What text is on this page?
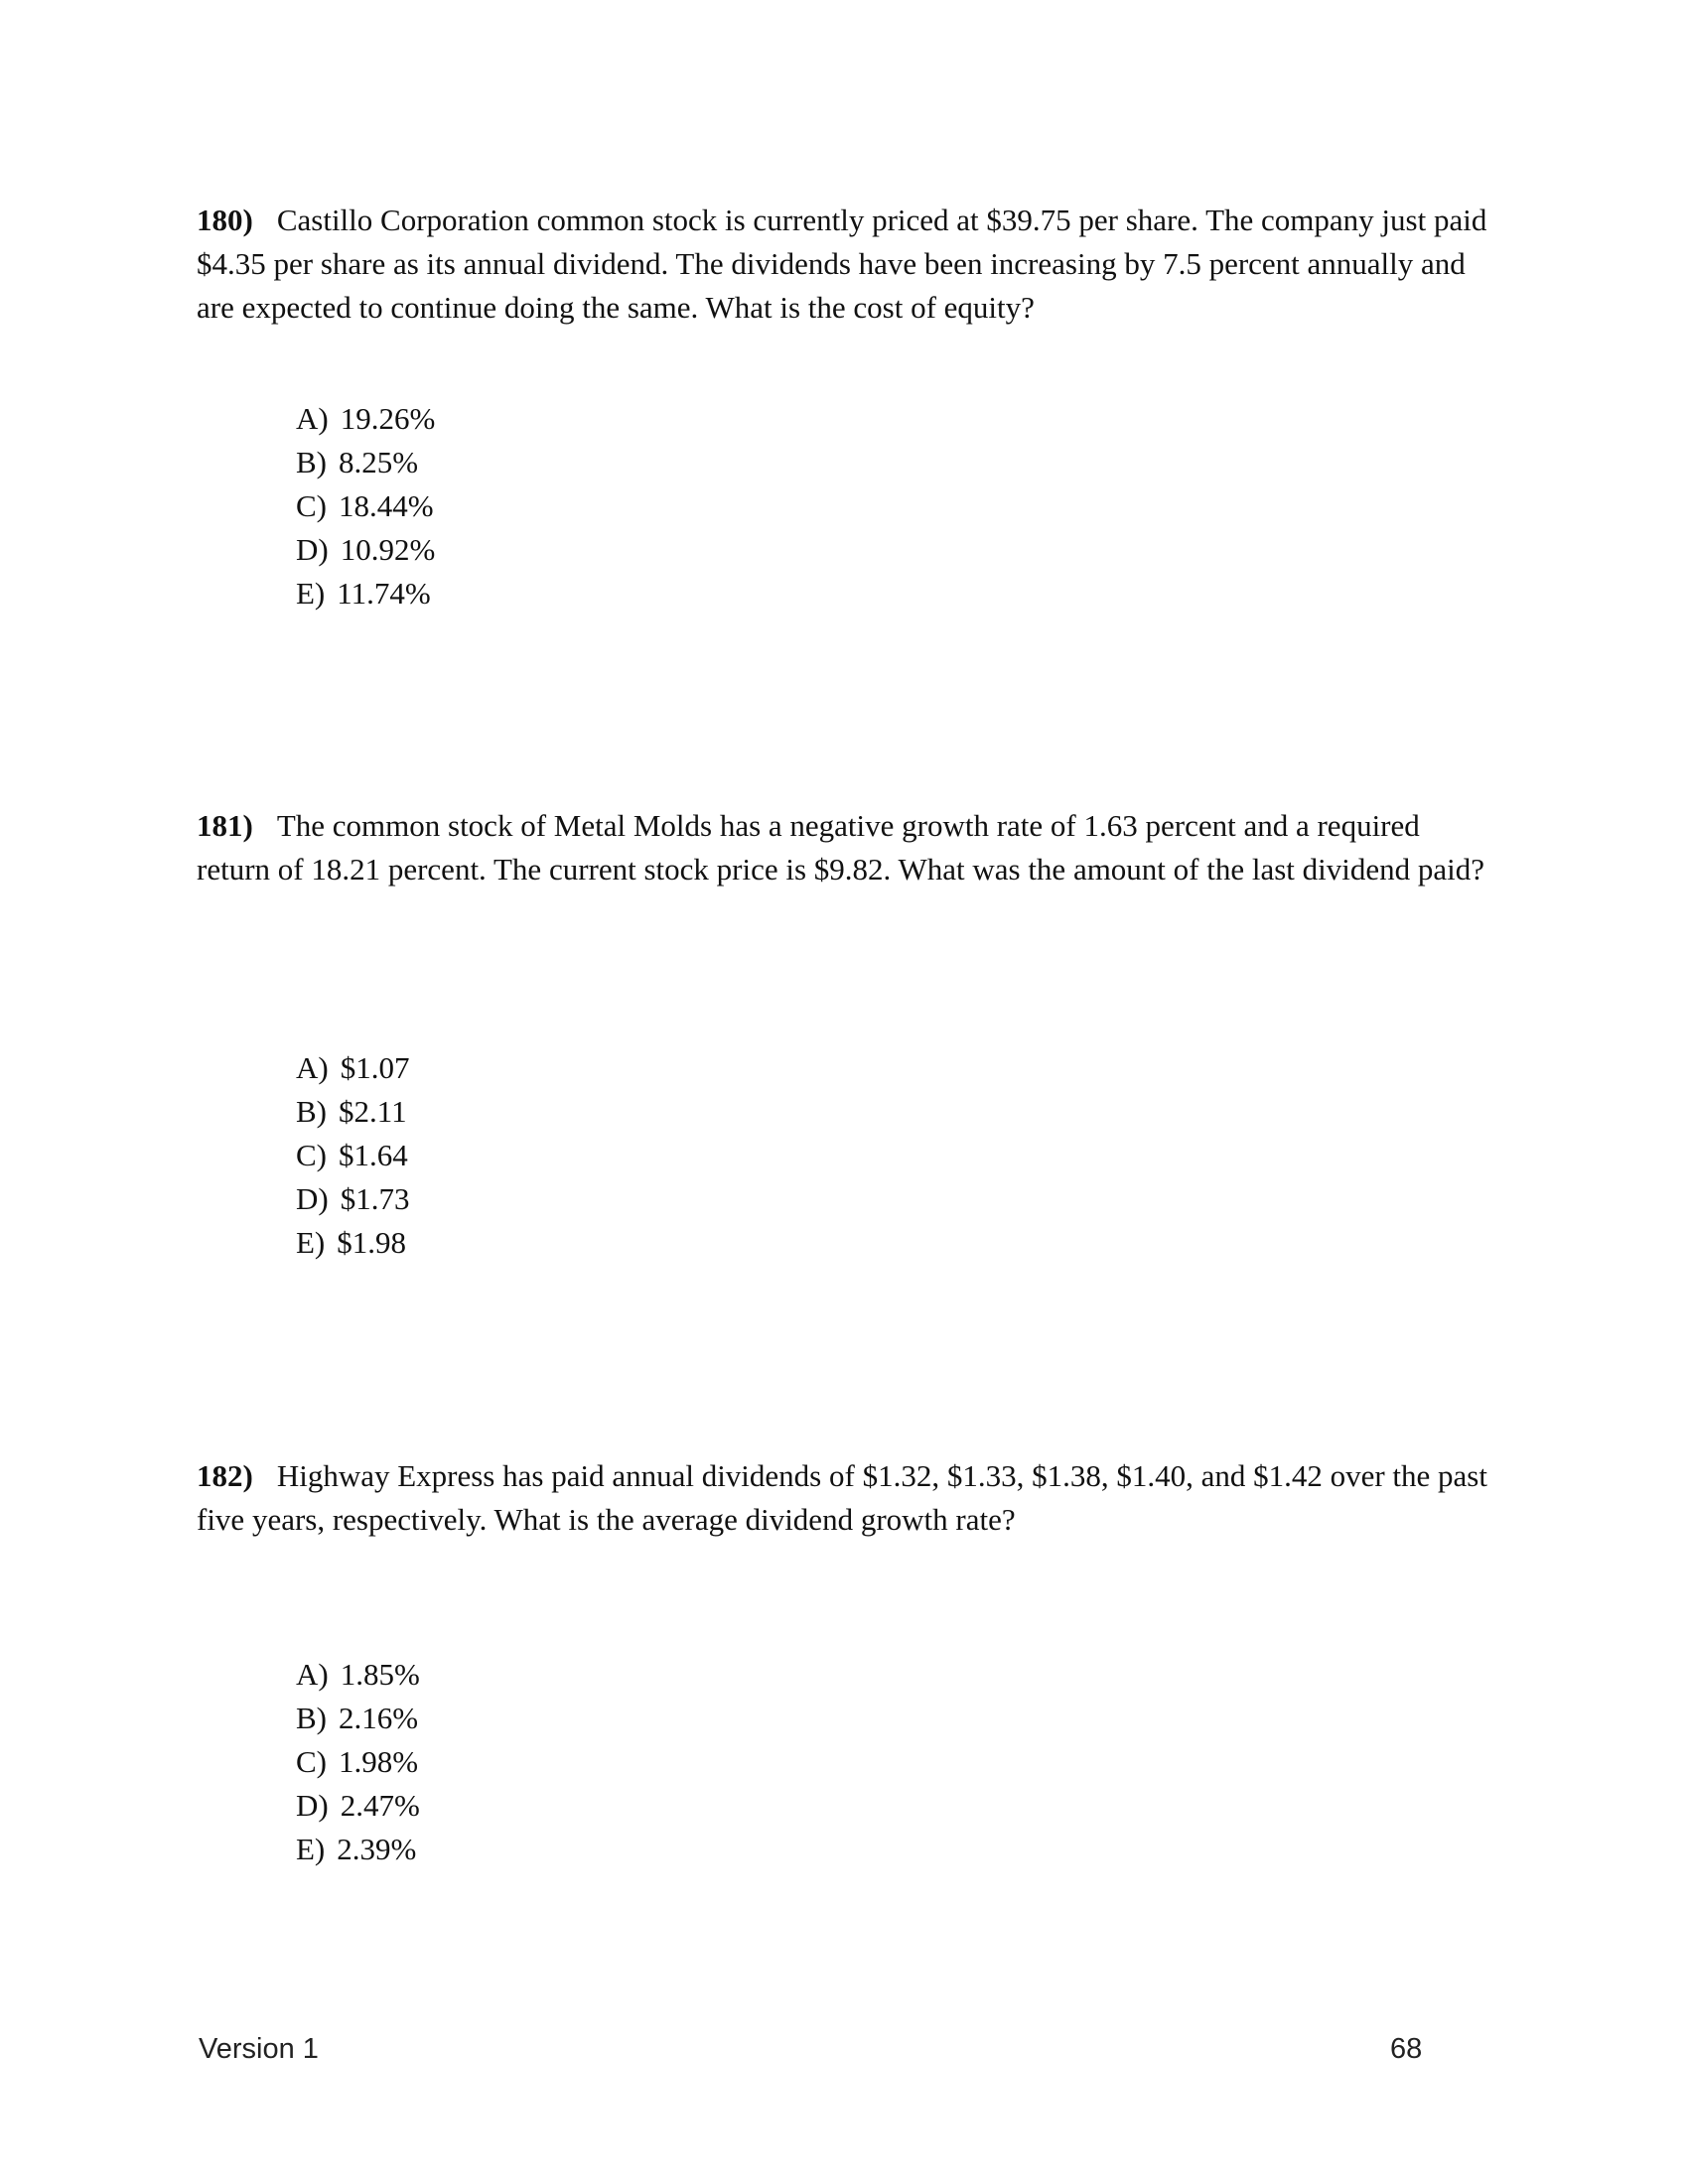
180) Castillo Corporation common stock is currently priced at $39.75 per share. The company just paid $4.35 per share as its annual dividend. The dividends have been increasing by 7.5 percent annually and are expected to continue doing the same. What is the cost of equity?

A) 19.26%
B) 8.25%
C) 18.44%
D) 10.92%
E) 11.74%

181) The common stock of Metal Molds has a negative growth rate of 1.63 percent and a required return of 18.21 percent. The current stock price is $9.82. What was the amount of the last dividend paid?

A) $1.07
B) $2.11
C) $1.64
D) $1.73
E) $1.98

182) Highway Express has paid annual dividends of $1.32, $1.33, $1.38, $1.40, and $1.42 over the past five years, respectively. What is the average dividend growth rate?

A) 1.85%
B) 2.16%
C) 1.98%
D) 2.47%
E) 2.39%
Version 1	68
